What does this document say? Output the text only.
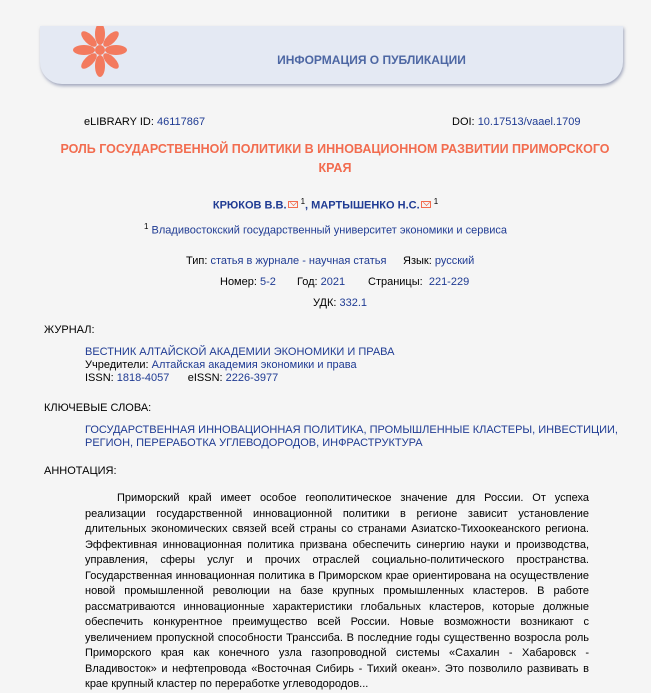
ИНФОРМАЦИЯ О ПУБЛИКАЦИИ
eLIBRARY ID: 46117867	DOI: 10.17513/vaael.1709
РОЛЬ ГОСУДАРСТВЕННОЙ ПОЛИТИКИ В ИННОВАЦИОННОМ РАЗВИТИИ ПРИМОРСКОГО КРАЯ
КРЮКОВ В.В. $^1$, МАРТЫШЕНКО Н.С. $^1$
$^1$ Владивостокский государственный университет экономики и сервиса
Тип: статья в журнале - научная статья Язык: русский
Номер: 5-2 Год: 2021 Страницы: 221-229
УДК: 332.1
ЖУРНАЛ:
ВЕСТНИК АЛТАЙСКОЙ АКАДЕМИИ ЭКОНОМИКИ И ПРАВА
Учредители: Алтайская академия экономики и права
ISSN: 1818-4057 eISSN: 2226-3977
КЛЮЧЕВЫЕ СЛОВА:
ГОСУДАРСТВЕННАЯ ИННОВАЦИОННАЯ ПОЛИТИКА, ПРОМЫШЛЕННЫЕ КЛАСТЕРЫ, ИНВЕСТИЦИИ,
РЕГИОН, ПЕРЕРАБОТКА УГЛЕВОДОРОДОВ, ИНФРАСТРУКТУРА
АННОТАЦИЯ:

Приморский край имеет особое геополитическое значение для России. От успеха реализации государственной инновационной политики в регионе зависит установление длительных экономических связей всей страны со странами Азиатско-Тихоокеанского региона. Эффективная инновационная политика призвана обеспечить синергию науки и производства, управления, сферы услуг и прочих отраслей социально-политического пространства. Государственная инновационная политика в Приморском крае ориентирована на осуществление новой промышленной революции на базе крупных промышленных кластеров. В работе рассматриваются инновационные характеристики глобальных кластеров, которые должные обеспечить конкурентное преимущество всей России. Новые возможности возникают с увеличением пропускной способности Транссиба. В последние годы существенно возросла роль Приморского края как конечного узла газопроводной системы «Сахалин - Хабаровск - Владивосток» и нефтепровода «Восточная Сибирь - Тихий океан». Это позволило развивать в крае крупный кластер по переработке углеводородов...
